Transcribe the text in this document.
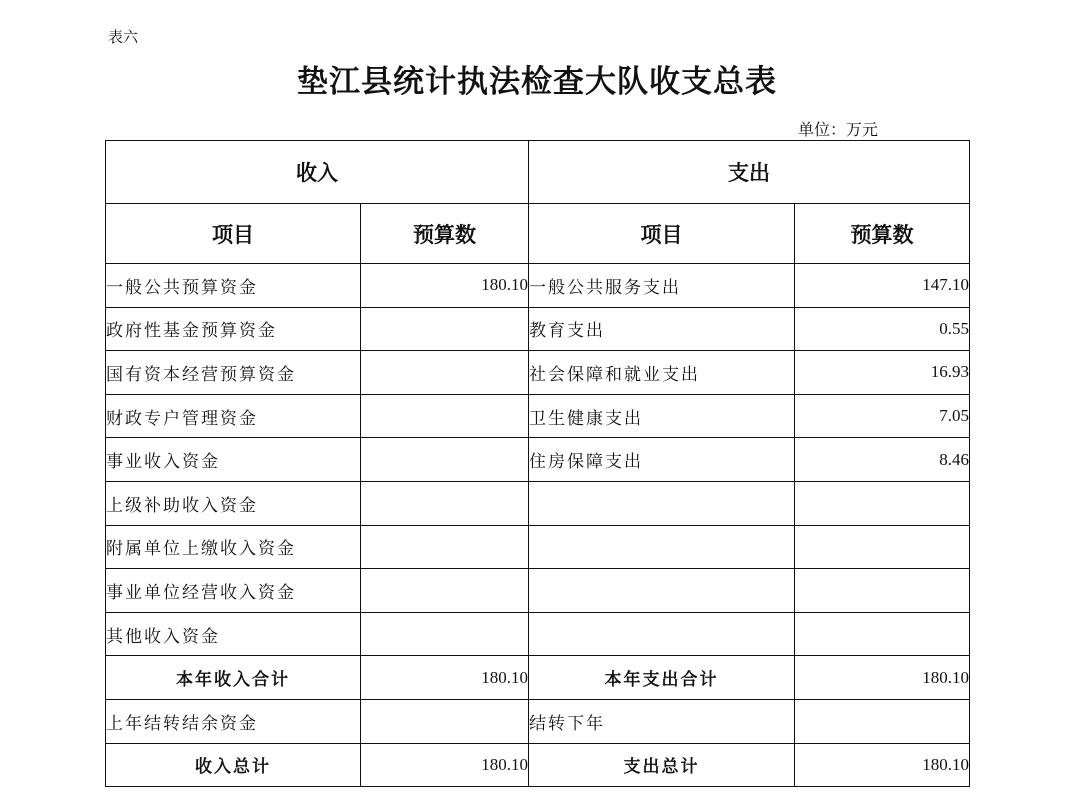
表六
垫江县统计执法检查大队收支总表
单位：万元
收入		支出	
项目	预算数	项目	预算数
一般公共预算资金	180.10	一般公共服务支出	147.10
政府性基金预算资金		教育支出	0.55
国有资本经营预算资金		社会保障和就业支出	16.93
财政专户管理资金		卫生健康支出	7.05
事业收入资金		住房保障支出	8.46
上级补助收入资金			
附属单位上缴收入资金			
事业单位经营收入资金			
其他收入资金			
本年收入合计	180.10	本年支出合计	180.10
上年结转结余资金		结转下年	
收入总计	180.10	支出总计	180.10
